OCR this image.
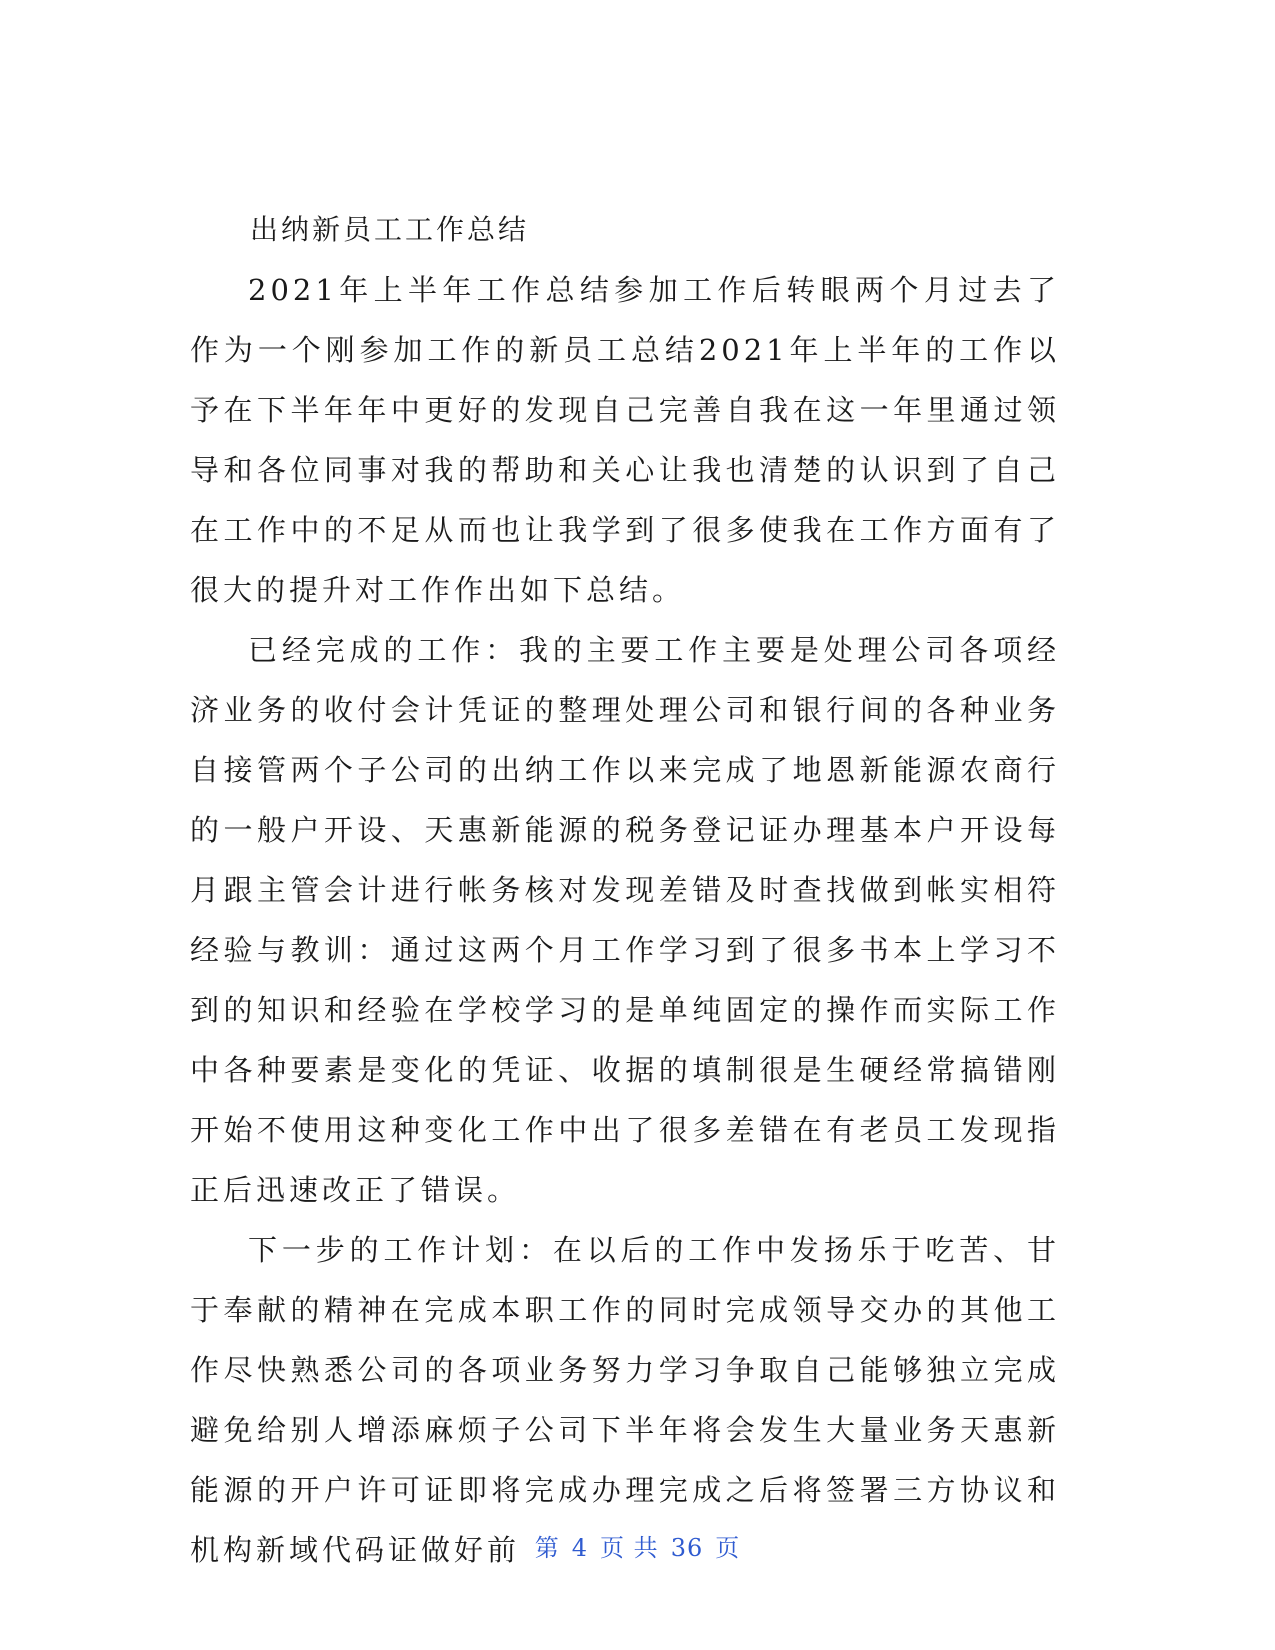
出纳新员工工作总结

2021年上半年工作总结参加工作后转眼两个月过去了作为一个刚参加工作的新员工总结2021年上半年的工作以予在下半年年中更好的发现自己完善自我在这一年里通过领导和各位同事对我的帮助和关心让我也清楚的认识到了自己在工作中的不足从而也让我学到了很多使我在工作方面有了很大的提升对工作作出如下总结。

已经完成的工作：我的主要工作主要是处理公司各项经济业务的收付会计凭证的整理处理公司和银行间的各种业务自接管两个子公司的出纳工作以来完成了地恩新能源农商行的一般户开设、天惠新能源的税务登记证办理基本户开设每月跟主管会计进行帐务核对发现差错及时查找做到帐实相符经验与教训：通过这两个月工作学习到了很多书本上学习不到的知识和经验在学校学习的是单纯固定的操作而实际工作中各种要素是变化的凭证、收据的填制很是生硬经常搞错刚开始不使用这种变化工作中出了很多差错在有老员工发现指正后迅速改正了错误。

下一步的工作计划：在以后的工作中发扬乐于吃苦、甘于奉献的精神在完成本职工作的同时完成领导交办的其他工作尽快熟悉公司的各项业务努力学习争取自己能够独立完成避免给别人增添麻烦子公司下半年将会发生大量业务天惠新能源的开户许可证即将完成办理完成之后将签署三方协议和机构新域代码证做好前 第 4 页 共 36 页
